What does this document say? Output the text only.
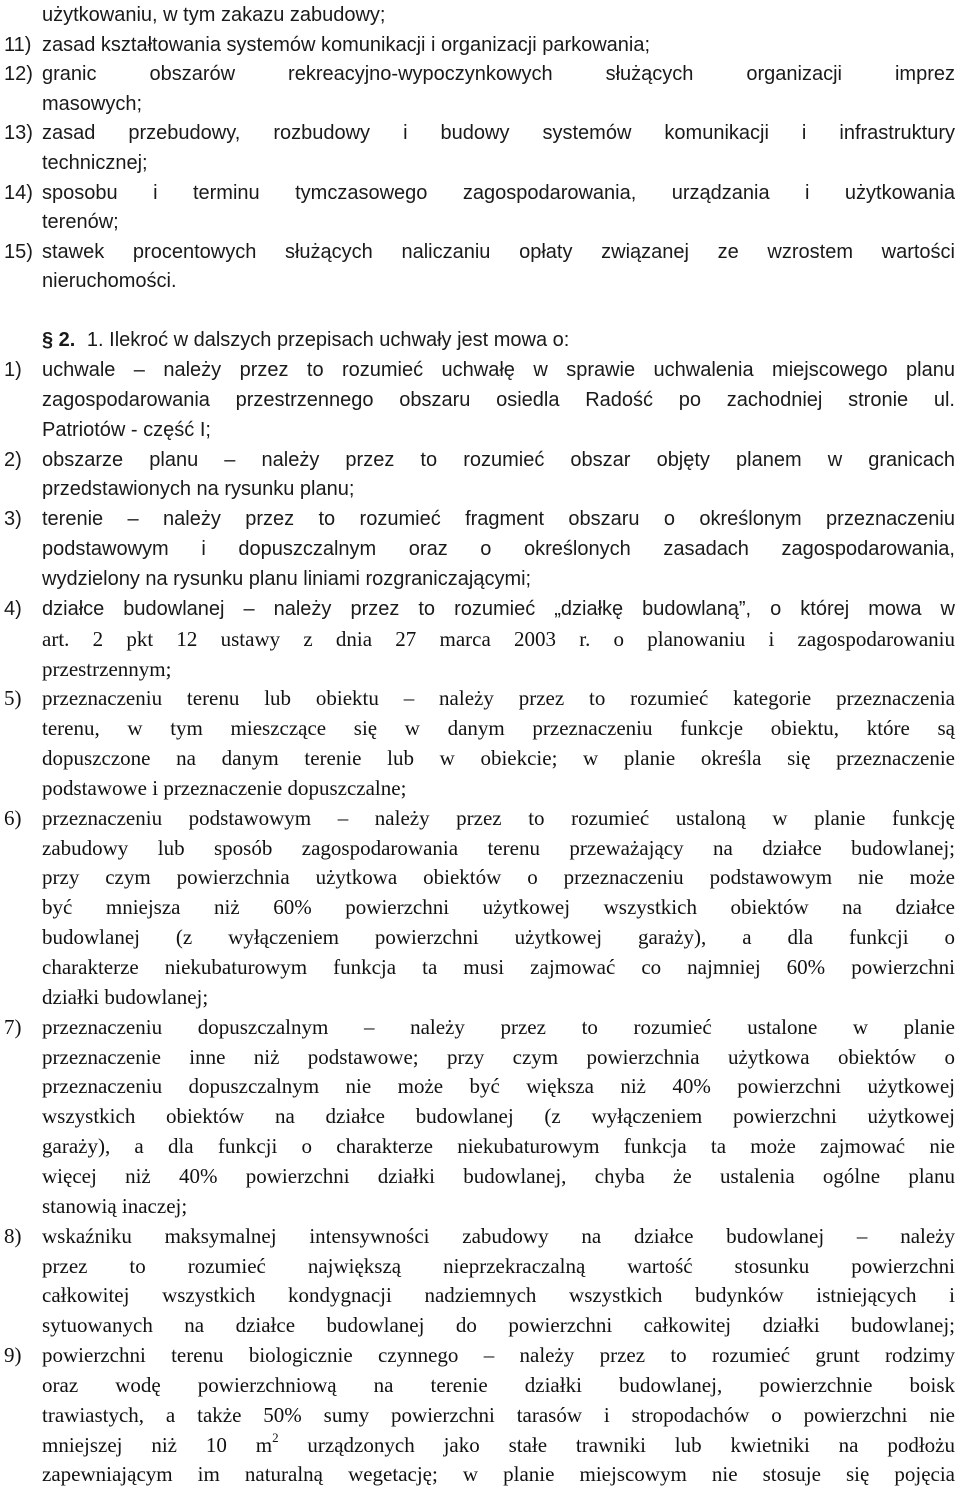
użytkowaniu, w tym zakazu zabudowy;
11) zasad kształtowania systemów komunikacji i organizacji parkowania;
12) granic obszarów rekreacyjno-wypoczynkowych służących organizacji imprez
masowych;
13) zasad przebudowy, rozbudowy i budowy systemów komunikacji i infrastruktury
technicznej;
14) sposobu i terminu tymczasowego zagospodarowania, urządzania i użytkowania
terenów;
15) stawek procentowych służących naliczaniu opłaty związanej ze wzrostem wartości
nieruchomości.
§ 2. 1. Ilekroć w dalszych przepisach uchwały jest mowa o:
1) uchwale – należy przez to rozumieć uchwałę w sprawie uchwalenia miejscowego planu
zagospodarowania przestrzennego obszaru osiedla Radość po zachodniej stronie ul.
Patriotów - część I;
2) obszarze planu – należy przez to rozumieć obszar objęty planem w granicach
przedstawionych na rysunku planu;
3) terenie – należy przez to rozumieć fragment obszaru o określonym przeznaczeniu
podstawowym i dopuszczalnym oraz o określonych zasadach zagospodarowania,
wydzielony na rysunku planu liniami rozgraniczającymi;
4) działce budowlanej – należy przez to rozumieć „działkę budowlaną”, o której mowa w
art. 2 pkt 12 ustawy z dnia 27 marca 2003 r. o planowaniu i zagospodarowaniu
przestrzennym;
5) przeznaczeniu terenu lub obiektu – należy przez to rozumieć kategorie przeznaczenia
terenu, w tym mieszczące się w danym przeznaczeniu funkcje obiektu, które są
dopuszczone na danym terenie lub w obiekcie; w planie określa się przeznaczenie
podstawowe i przeznaczenie dopuszczalne;
6) przeznaczeniu podstawowym – należy przez to rozumieć ustaloną w planie funkcję
zabudowy lub sposób zagospodarowania terenu przeważający na działce budowlanej;
przy czym powierzchnia użytkowa obiektów o przeznaczeniu podstawowym nie może
być mniejsza niż 60% powierzchni użytkowej wszystkich obiektów na działce
budowlanej (z wyłączeniem powierzchni użytkowej garaży), a dla funkcji o
charakterze niekubaturowym funkcja ta musi zajmować co najmniej 60% powierzchni
działki budowlanej;
7) przeznaczeniu dopuszczalnym – należy przez to rozumieć ustalone w planie
przeznaczenie inne niż podstawowe; przy czym powierzchnia użytkowa obiektów o
przeznaczeniu dopuszczalnym nie może być większa niż 40% powierzchni użytkowej
wszystkich obiektów na działce budowlanej (z wyłączeniem powierzchni użytkowej
garaży), a dla funkcji o charakterze niekubaturowym funkcja ta może zajmować nie
więcej niż 40% powierzchni działki budowlanej, chyba że ustalenia ogólne planu
stanowią inaczej;
8) wskaźniku maksymalnej intensywności zabudowy na działce budowlanej – należy
przez to rozumieć największą nieprzekraczalną wartość stosunku powierzchni
całkowitej wszystkich kondygnacji nadziemnych wszystkich budynków istniejących i
sytuowanych na działce budowlanej do powierzchni całkowitej działki budowlanej;
9) powierzchni terenu biologicznie czynnego – należy przez to rozumieć grunt rodzimy
oraz wodę powierzchniową na terenie działki budowlanej, powierzchnie boisk
trawiastych, a także 50% sumy powierzchni tarasów i stropodachów o powierzchni nie
mniejszej niż 10 $m^2$ urządzonych jako stałe trawniki lub kwietniki na podłożu
zapewniającym im naturalną wegetację; w planie miejscowym nie stosuje się pojęcia
